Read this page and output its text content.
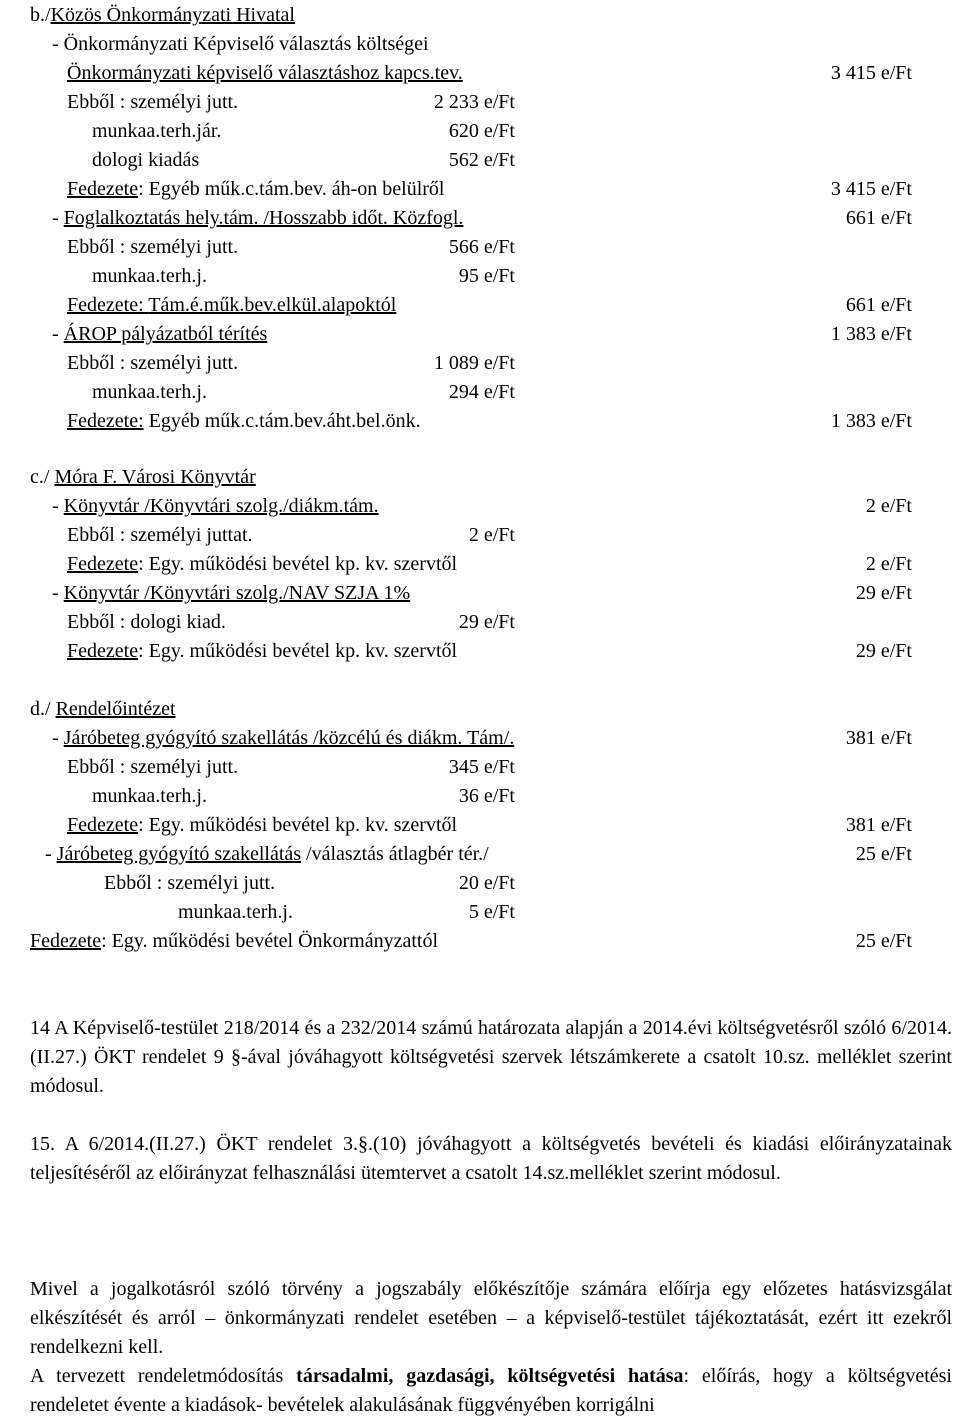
b./Közös Önkormányzati Hivatal
- Önkormányzati Képviselő választás költségei
Önkormányzati képviselő választáshoz kapcs.tev.	3 415 e/Ft
Ebből : személyi jutt.	2 233 e/Ft
munkaa.terh.jár.	620 e/Ft
dologi kiadás	562 e/Ft
Fedezete: Egyéb műk.c.tám.bev. áh-on belülről	3 415 e/Ft
- Foglalkoztatás hely.tám. /Hosszabb időt. Közfogl.	661 e/Ft
Ebből : személyi jutt.	566 e/Ft
munkaa.terh.j.	95 e/Ft
Fedezete: Tám.é.műk.bev.elkül.alapoktól	661 e/Ft
- ÁROP pályázatból térítés	1 383 e/Ft
Ebből : személyi jutt.	1 089 e/Ft
munkaa.terh.j.	294 e/Ft
Fedezete: Egyéb műk.c.tám.bev.áht.bel.önk.	1 383 e/Ft
c./ Móra F. Városi Könyvtár
- Könyvtár /Könyvtári szolg./diákm.tám.	2 e/Ft
Ebből : személyi juttat.	2 e/Ft
Fedezete: Egy. működési bevétel kp. kv. szervtől	2 e/Ft
- Könyvtár /Könyvtári szolg./NAV SZJA 1%	29 e/Ft
Ebből : dologi kiad.	29 e/Ft
Fedezete: Egy. működési bevétel kp. kv. szervtől	29 e/Ft
d./ Rendelőintézet
- Járóbeteg gyógyító szakellátás /közcélú és diákm. Tám/.	381 e/Ft
Ebből : személyi jutt.	345 e/Ft
munkaa.terh.j.	36 e/Ft
Fedezete: Egy. működési bevétel kp. kv. szervtől	381 e/Ft
- Járóbeteg gyógyító szakellátás /választás átlagbér tér./	25 e/Ft
Ebből : személyi jutt.	20 e/Ft
munkaa.terh.j.	5 e/Ft
Fedezete: Egy. működési bevétel Önkormányzattól	25 e/Ft
14 A Képviselő-testület 218/2014 és a 232/2014 számú határozata alapján a 2014.évi költségvetésről szóló 6/2014.(II.27.) ÖKT rendelet 9 §-ával jóváhagyott költségvetési szervek létszámkerete a csatolt 10.sz. melléklet szerint módosul.
15. A 6/2014.(II.27.) ÖKT rendelet 3.§.(10) jóváhagyott a költségvetés bevételi és kiadási előirányzatainak teljesítéséről az előirányzat felhasználási ütemtervet a csatolt 14.sz.melléklet szerint módosul.
Mivel a jogalkotásról szóló törvény a jogszabály előkészítője számára előírja egy előzetes hatásvizsgálat elkészítését és arról – önkormányzati rendelet esetében – a képviselő-testület tájékoztatását, ezért itt ezekről rendelkezni kell.
A tervezett rendeletmódosítás társadalmi, gazdasági, költségvetési hatása: előírás, hogy a költségvetési rendeletet évente a kiadások- bevételek alakulásának függvényében korrigálni
